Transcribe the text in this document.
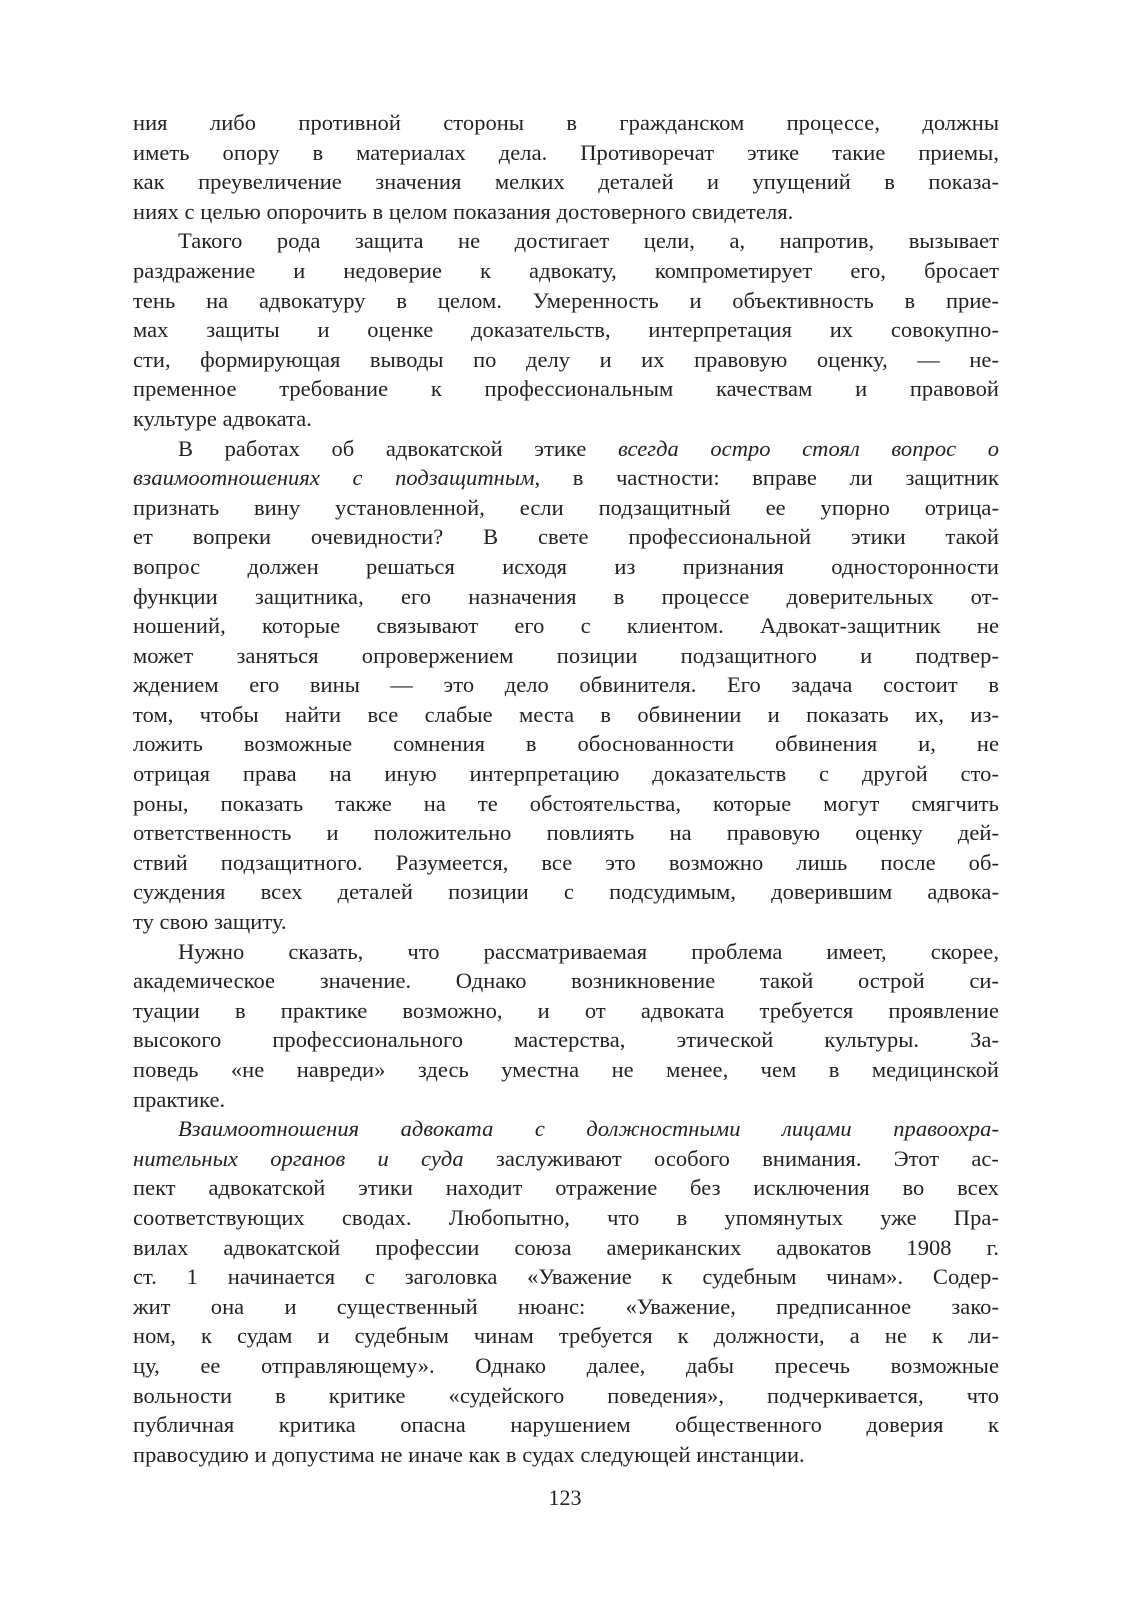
ния либо противной стороны в гражданском процессе, должны
иметь опору в материалах дела. Противоречат этике такие приемы,
как преувеличение значения мелких деталей и упущений в показа-
ниях с целью опорочить в целом показания достоверного свидетеля.
Такого рода защита не достигает цели, а, напротив, вызывает
раздражение и недоверие к адвокату, компрометирует его, бросает
тень на адвокатуру в целом. Умеренность и объективность в прие-
мах защиты и оценке доказательств, интерпретация их совокупно-
сти, формирующая выводы по делу и их правовую оценку, — не-
пременное требование к профессиональным качествам и правовой
культуре адвоката.
В работах об адвокатской этике всегда остро стоял вопрос о
взаимоотношениях с подзащитным, в частности: вправе ли защитник
признать вину установленной, если подзащитный ее упорно отрица-
ет вопреки очевидности? В свете профессиональной этики такой
вопрос должен решаться исходя из признания односторонности
функции защитника, его назначения в процессе доверительных от-
ношений, которые связывают его с клиентом. Адвокат-защитник не
может заняться опровержением позиции подзащитного и подтвер-
ждением его вины — это дело обвинителя. Его задача состоит в
том, чтобы найти все слабые места в обвинении и показать их, из-
ложить возможные сомнения в обоснованности обвинения и, не
отрицая права на иную интерпретацию доказательств с другой сто-
роны, показать также на те обстоятельства, которые могут смягчить
ответственность и положительно повлиять на правовую оценку дей-
ствий подзащитного. Разумеется, все это возможно лишь после об-
суждения всех деталей позиции с подсудимым, доверившим адвока-
ту свою защиту.
Нужно сказать, что рассматриваемая проблема имеет, скорее,
академическое значение. Однако возникновение такой острой си-
туации в практике возможно, и от адвоката требуется проявление
высокого профессионального мастерства, этической культуры. За-
поведь «не навреди» здесь уместна не менее, чем в медицинской
практике.
Взаимоотношения адвоката с должностными лицами правоохра-
нительных органов и суда заслуживают особого внимания. Этот ас-
пект адвокатской этики находит отражение без исключения во всех
соответствующих сводах. Любопытно, что в упомянутых уже Пра-
вилах адвокатской профессии союза американских адвокатов 1908 г.
ст. 1 начинается с заголовка «Уважение к судебным чинам». Содер-
жит она и существенный нюанс: «Уважение, предписанное зако-
ном, к судам и судебным чинам требуется к должности, а не к ли-
цу, ее отправляющему». Однако далее, дабы пресечь возможные
вольности в критике «судейского поведения», подчеркивается, что
публичная критика опасна нарушением общественного доверия к
правосудию и допустима не иначе как в судах следующей инстанции.
123
